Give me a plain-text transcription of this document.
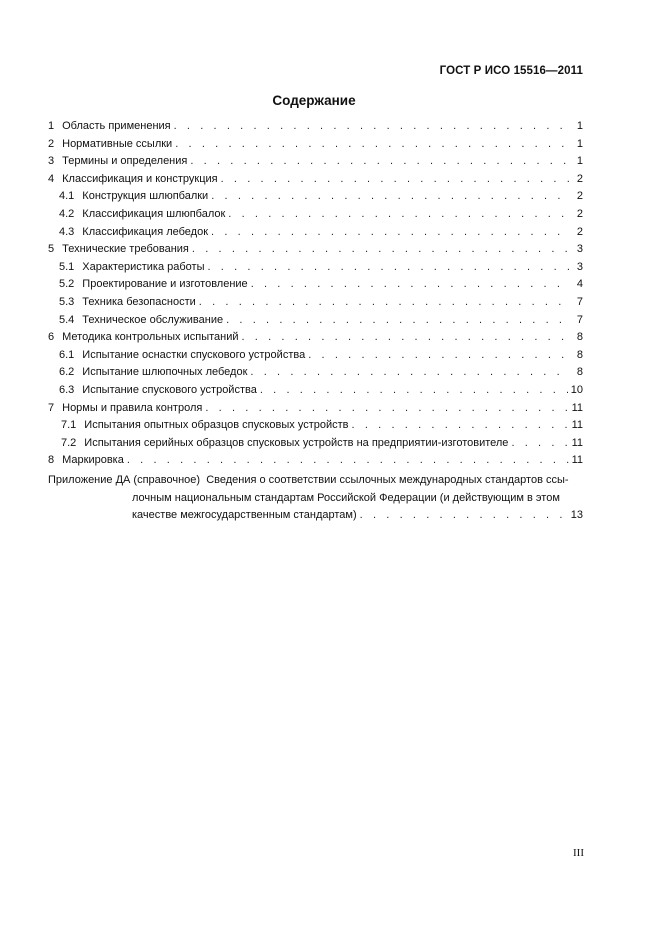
ГОСТ Р ИСО 15516—2011
Содержание
1 Область применения . . .	1
2 Нормативные ссылки . . .	1
3 Термины и определения . . .	1
4 Классификация и конструкция . . .	2
4.1 Конструкция шлюпбалки . . .	2
4.2 Классификация шлюпбалок . . .	2
4.3 Классификация лебедок . . .	2
5 Технические требования . . .	3
5.1 Характеристика работы . . .	3
5.2 Проектирование и изготовление . . .	4
5.3 Техника безопасности . . .	7
5.4 Техническое обслуживание . . .	7
6 Методика контрольных испытаний . . .	8
6.1 Испытание оснастки спускового устройства . . .	8
6.2 Испытание шлюпочных лебедок . . .	8
6.3 Испытание спускового устройства . . .	10
7 Нормы и правила контроля . . .	11
7.1 Испытания опытных образцов спусковых устройств . . .	11
7.2 Испытания серийных образцов спусковых устройств на предприятии-изготовителе . . .	11
8 Маркировка . . .	11
Приложение ДА (справочное) Сведения о соответствии ссылочных международных стандартов ссы-
лочным национальным стандартам Российской Федерации (и действующим в этом
качестве межгосударственным стандартам) . . .	13
III
